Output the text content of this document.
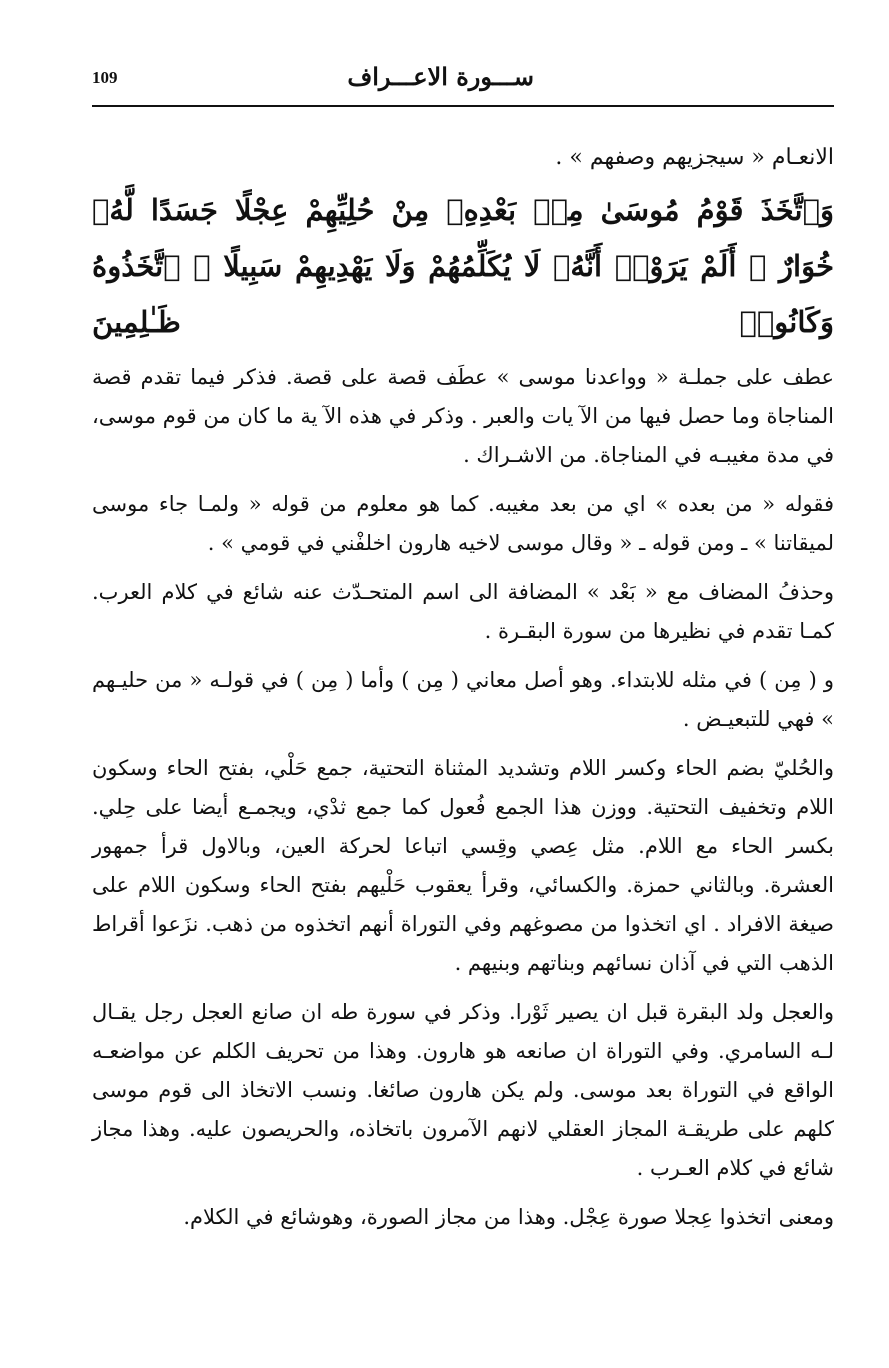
ســـورة الاعـــراف
109

الانعـام « سيجزيهم وصفهم » .

وَٱتَّخَذَ قَوْمُ مُوسَىٰ مِنۢ بَعْدِهِۦ مِنْ حُلِيِّهِمْ عِجْلًا جَسَدًا لَّهُۥ خُوَارٌ ۚ أَلَمْ يَرَوْا۟ أَنَّهُۥ لَا يُكَلِّمُهُمْ وَلَا يَهْدِيهِمْ سَبِيلًا ۘ ٱتَّخَذُوهُ وَكَانُوا۟ ظَـٰلِمِينَ

عطف على جملـة « وواعدنا موسى » عطَف قصة على قصة. فذكر فيما تقدم قصة المناجاة وما حصل فيها من الآ يات والعبر . وذكر في هذه الآ ية ما كان من قوم موسى، في مدة مغيبـه في المناجاة. من الاشـراك .

فقوله « من بعده » اي من بعد مغيبه. كما هو معلوم من قوله « ولمـا جاء موسى لميقاتنا » ـ ومن قوله ـ « وقال موسى لاخيه هارون اخلفْني في قومي » .

وحذفُ المضاف مع « بَعْد » المضافة الى اسم المتحـدّث عنه شائع في كلام العرب. كمـا تقدم في نظيرها من سورة البقـرة .

و ( مِن ) في مثله للابتداء. وهو أصل معاني ( مِن ) وأما ( مِن ) في قولـه « من حليـهم » فهي للتبعيـض .

والحُليّ بضم الحاء وكسر اللام وتشديد المثناة التحتية، جمع حَلْي، بفتح الحاء وسكون اللام وتخفيف التحتية. ووزن هذا الجمع فُعول كما جمع ثدْي، ويجمـع أيضا على حِلي. بكسر الحاء مع اللام. مثل عِصي وقِسي اتباعا لحركة العين، وبالاول قرأ جمهور العشرة. وبالثاني حمزة. والكسائي، وقرأ يعقوب حَلْيهم بفتح الحاء وسكون اللام على صيغة الافراد . اي اتخذوا من مصوغهم وفي التوراة أنهم اتخذوه من ذهب. نزَعوا أقراط الذهب التي في آذان نسائهم وبناتهم وبنيهم .

والعجل ولد البقرة قبل ان يصير ثَوْرا. وذكر في سورة طه ان صانع العجل رجل يقـال لـه السامري. وفي التوراة ان صانعه هو هارون. وهذا من تحريف الكلم عن مواضعـه الواقع في التوراة بعد موسى. ولم يكن هارون صائغا. ونسب الاتخاذ الى قوم موسى كلهم على طريقـة المجاز العقلي لانهم الآمرون باتخاذه، والحريصون عليه. وهذا مجاز شائع في كلام العـرب .

ومعنى اتخذوا عِجلا صورة عِجْل. وهذا من مجاز الصورة، وهوشائع في الكلام.
